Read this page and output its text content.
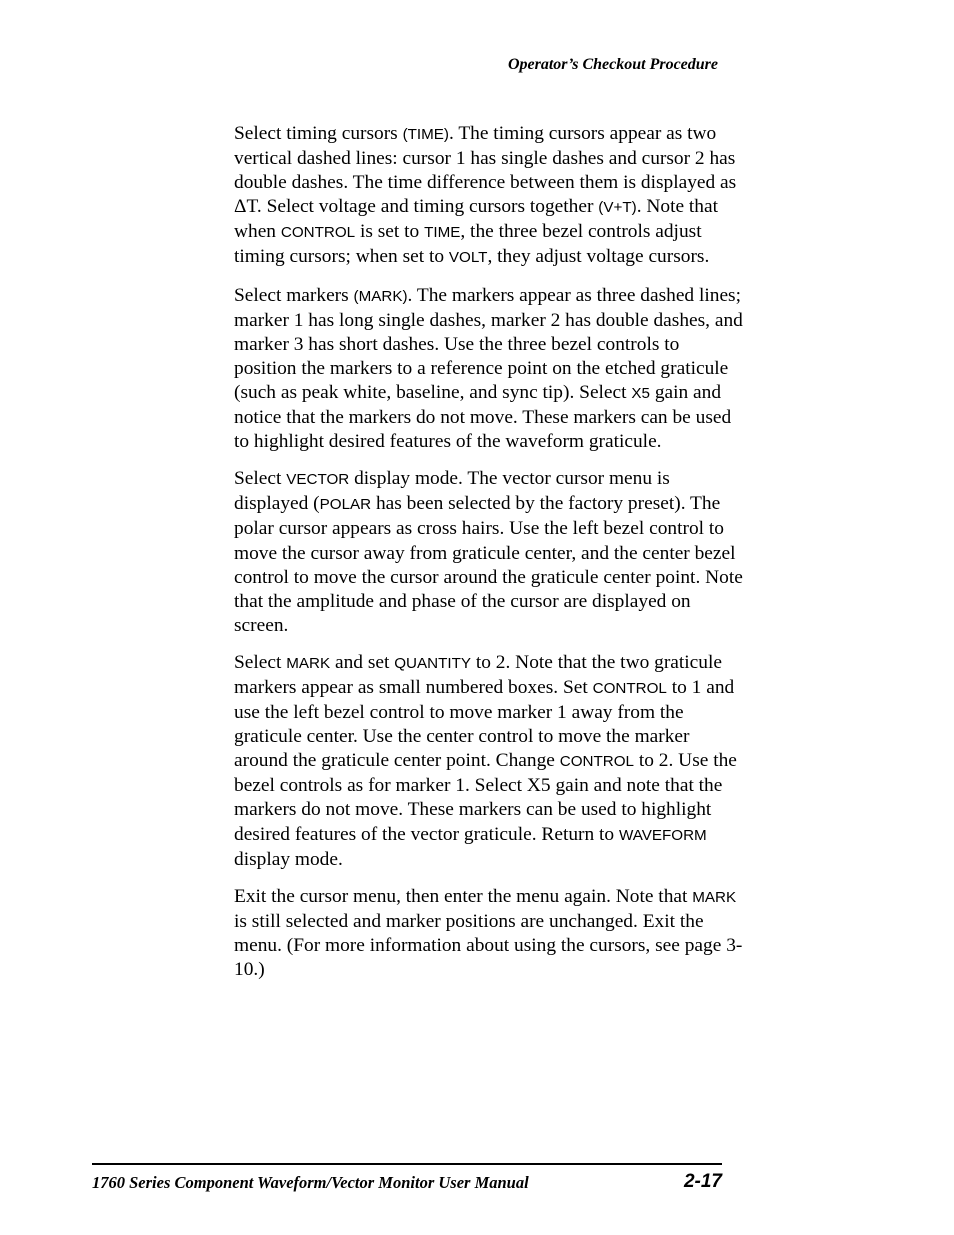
Operator’s Checkout Procedure

Select timing cursors (TIME). The timing cursors appear as two vertical dashed lines: cursor 1 has single dashes and cursor 2 has double dashes. The time difference between them is displayed as ΔT. Select voltage and timing cursors together (V+T). Note that when CONTROL is set to TIME, the three bezel controls adjust timing cursors; when set to VOLT, they adjust voltage cursors.

Select markers (MARK). The markers appear as three dashed lines; marker 1 has long single dashes, marker 2 has double dashes, and marker 3 has short dashes. Use the three bezel controls to position the markers to a reference point on the etched graticule (such as peak white, baseline, and sync tip). Select X5 gain and notice that the markers do not move. These markers can be used to highlight desired features of the waveform graticule.

Select VECTOR display mode. The vector cursor menu is displayed (POLAR has been selected by the factory preset). The polar cursor appears as cross hairs. Use the left bezel control to move the cursor away from graticule center, and the center bezel control to move the cursor around the graticule center point. Note that the amplitude and phase of the cursor are displayed on screen.

Select MARK and set QUANTITY to 2. Note that the two graticule markers appear as small numbered boxes. Set CONTROL to 1 and use the left bezel control to move marker 1 away from the graticule center. Use the center control to move the marker around the graticule center point. Change CONTROL to 2. Use the bezel controls as for marker 1. Select X5 gain and note that the markers do not move. These markers can be used to highlight desired features of the vector graticule. Return to WAVEFORM display mode.

Exit the cursor menu, then enter the menu again. Note that MARK is still selected and marker positions are unchanged. Exit the menu. (For more information about using the cursors, see page 3-10.)

1760 Series Component Waveform/Vector Monitor User Manual	2-17
